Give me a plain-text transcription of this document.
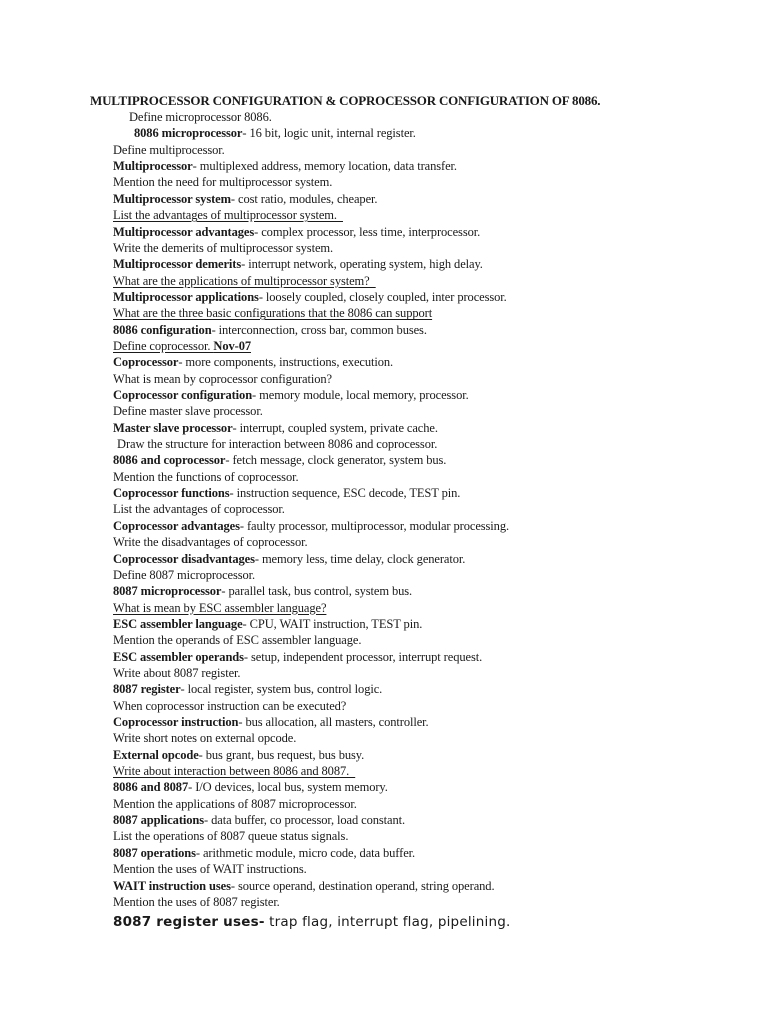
MULTIPROCESSOR CONFIGURATION & COPROCESSOR CONFIGURATION OF 8086.
Define microprocessor 8086.
8086 microprocessor- 16 bit, logic unit, internal register.
Define multiprocessor.
Multiprocessor- multiplexed address, memory location, data transfer.
Mention the need for multiprocessor system.
Multiprocessor system- cost ratio, modules, cheaper.
List the advantages of multiprocessor system.
Multiprocessor advantages- complex processor, less time, interprocessor.
Write the demerits of multiprocessor system.
Multiprocessor demerits- interrupt network, operating system, high delay.
What are the applications of multiprocessor system?
Multiprocessor applications- loosely coupled, closely coupled, inter processor.
What are the three basic configurations that the 8086 can support
8086 configuration- interconnection, cross bar, common buses.
Define coprocessor. Nov-07
Coprocessor- more components, instructions, execution.
What is mean by coprocessor configuration?
Coprocessor configuration- memory module, local memory, processor.
Define master slave processor.
Master slave processor- interrupt, coupled system, private cache.
Draw the structure for interaction between 8086 and coprocessor.
8086 and coprocessor- fetch message, clock generator, system bus.
Mention the functions of coprocessor.
Coprocessor functions- instruction sequence, ESC decode, TEST pin.
List the advantages of coprocessor.
Coprocessor advantages- faulty processor, multiprocessor, modular processing.
Write the disadvantages of coprocessor.
Coprocessor disadvantages- memory less, time delay, clock generator.
Define 8087 microprocessor.
8087 microprocessor- parallel task, bus control, system bus.
What is mean by ESC assembler language?
ESC assembler language- CPU, WAIT instruction, TEST pin.
Mention the operands of ESC assembler language.
ESC assembler operands- setup, independent processor, interrupt request.
Write about 8087 register.
8087 register- local register, system bus, control logic.
When coprocessor instruction can be executed?
Coprocessor instruction- bus allocation, all masters, controller.
Write short notes on external opcode.
External opcode- bus grant, bus request, bus busy.
Write about interaction between 8086 and 8087.
8086 and 8087- I/O devices, local bus, system memory.
Mention the applications of 8087 microprocessor.
8087 applications- data buffer, co processor, load constant.
List the operations of 8087 queue status signals.
8087 operations- arithmetic module, micro code, data buffer.
Mention the uses of WAIT instructions.
WAIT instruction uses- source operand, destination operand, string operand.
Mention the uses of 8087 register.
8087 register uses- trap flag, interrupt flag, pipelining.
